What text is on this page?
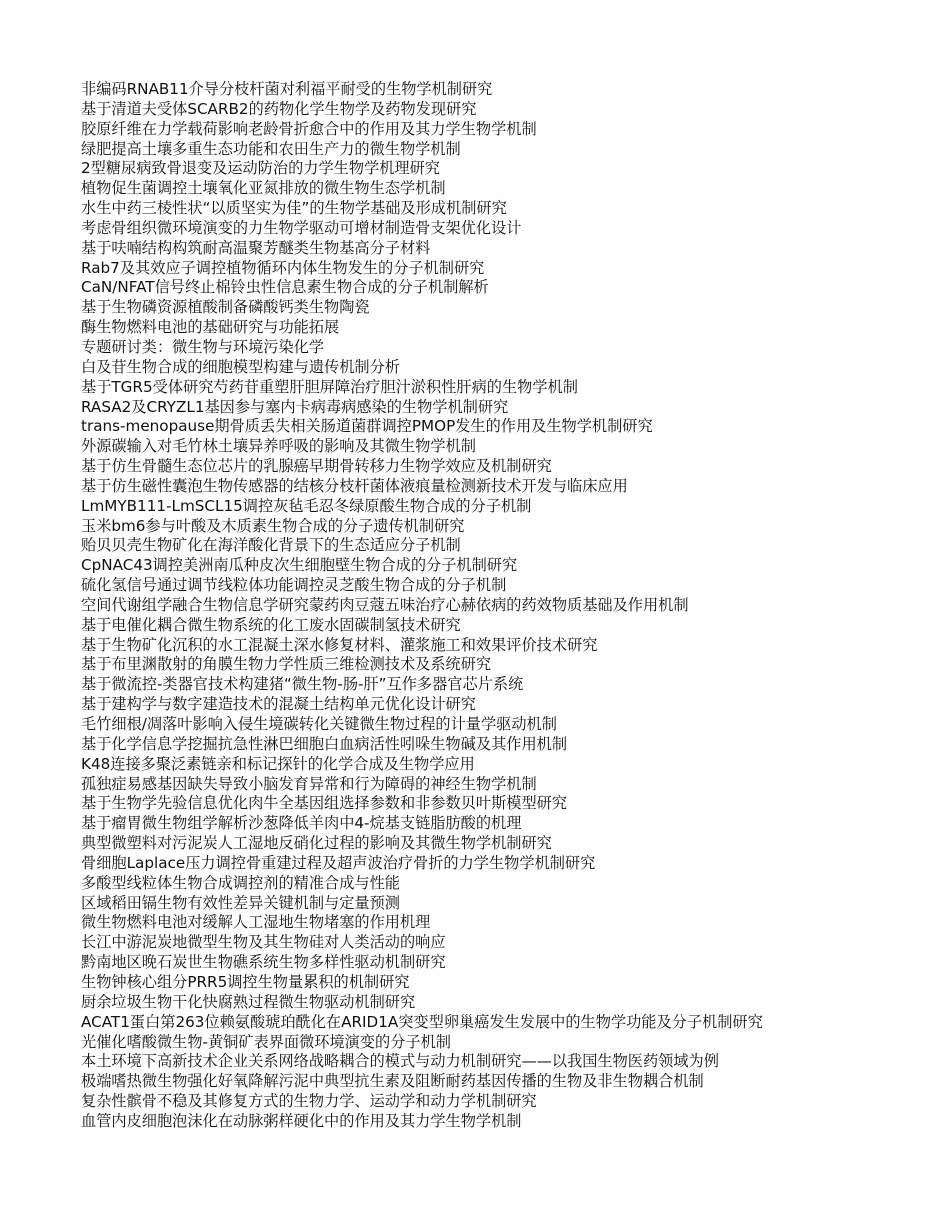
非编码RNAB11介导分枝杆菌对利福平耐受的生物学机制研究
基于清道夫受体SCARB2的药物化学生物学及药物发现研究
胶原纤维在力学载荷影响老龄骨折愈合中的作用及其力学生物学机制
绿肥提高土壤多重生态功能和农田生产力的微生物学机制
2型糖尿病致骨退变及运动防治的力学生物学机理研究
植物促生菌调控土壤氧化亚氮排放的微生物生态学机制
水生中药三棱性状“以质坚实为佳”的生物学基础及形成机制研究
考虑骨组织微环境演变的力生物学驱动可增材制造骨支架优化设计
基于呋喃结构构筑耐高温聚芳醚类生物基高分子材料
Rab7及其效应子调控植物循环内体生物发生的分子机制研究
CaN/NFAT信号终止棉铃虫性信息素生物合成的分子机制解析
基于生物磷资源植酸制备磷酸钙类生物陶瓷
酶生物燃料电池的基础研究与功能拓展
专题研讨类：微生物与环境污染化学
白及苷生物合成的细胞模型构建与遗传机制分析
基于TGR5受体研究芍药苷重塑肝胆屏障治疗胆汁淤积性肝病的生物学机制
RASA2及CRYZL1基因参与塞内卡病毒病感染的生物学机制研究
trans-menopause期骨质丢失相关肠道菌群调控PMOP发生的作用及生物学机制研究
外源碳输入对毛竹林土壤异养呼吸的影响及其微生物学机制
基于仿生骨髓生态位芯片的乳腺癌早期骨转移力生物学效应及机制研究
基于仿生磁性囊泡生物传感器的结核分枝杆菌体液痕量检测新技术开发与临床应用
LmMYB111-LmSCL15调控灰毡毛忍冬绿原酸生物合成的分子机制
玉米bm6参与叶酸及木质素生物合成的分子遗传机制研究
贻贝贝壳生物矿化在海洋酸化背景下的生态适应分子机制
CpNAC43调控美洲南瓜种皮次生细胞壁生物合成的分子机制研究
硫化氢信号通过调节线粒体功能调控灵芝酸生物合成的分子机制
空间代谢组学融合生物信息学研究蒙药肉豆蔻五味治疗心赫依病的药效物质基础及作用机制
基于电催化耦合微生物系统的化工废水固碳制氢技术研究
基于生物矿化沉积的水工混凝土深水修复材料、灌浆施工和效果评价技术研究
基于布里渊散射的角膜生物力学性质三维检测技术及系统研究
基于微流控-类器官技术构建猪“微生物-肠-肝”互作多器官芯片系统
基于建构学与数字建造技术的混凝土结构单元优化设计研究
毛竹细根/凋落叶影响入侵生境碳转化关键微生物过程的计量学驱动机制
基于化学信息学挖掘抗急性淋巴细胞白血病活性吲哚生物碱及其作用机制
K48连接多聚泛素链亲和标记探针的化学合成及生物学应用
孤独症易感基因缺失导致小脑发育异常和行为障碍的神经生物学机制
基于生物学先验信息优化肉牛全基因组选择参数和非参数贝叶斯模型研究
基于瘤胃微生物组学解析沙葱降低羊肉中4-烷基支链脂肪酸的机理
典型微塑料对污泥炭人工湿地反硝化过程的影响及其微生物学机制研究
骨细胞Laplace压力调控骨重建过程及超声波治疗骨折的力学生物学机制研究
多酸型线粒体生物合成调控剂的精准合成与性能
区域稻田镉生物有效性差异关键机制与定量预测
微生物燃料电池对缓解人工湿地生物堵塞的作用机理
长江中游泥炭地微型生物及其生物硅对人类活动的响应
黔南地区晚石炭世生物礁系统生物多样性驱动机制研究
生物钟核心组分PRR5调控生物量累积的机制研究
厨余垃圾生物干化快腐熟过程微生物驱动机制研究
ACAT1蛋白第263位赖氨酸琥珀酰化在ARID1A突变型卵巢癌发生发展中的生物学功能及分子机制研究
光催化嗜酸微生物-黄铜矿表界面微环境演变的分子机制
本土环境下高新技术企业关系网络战略耦合的模式与动力机制研究——以我国生物医药领域为例
极端嗜热微生物强化好氧降解污泥中典型抗生素及阻断耐药基因传播的生物及非生物耦合机制
复杂性髌骨不稳及其修复方式的生物力学、运动学和动力学机制研究
血管内皮细胞泡沫化在动脉粥样硬化中的作用及其力学生物学机制
